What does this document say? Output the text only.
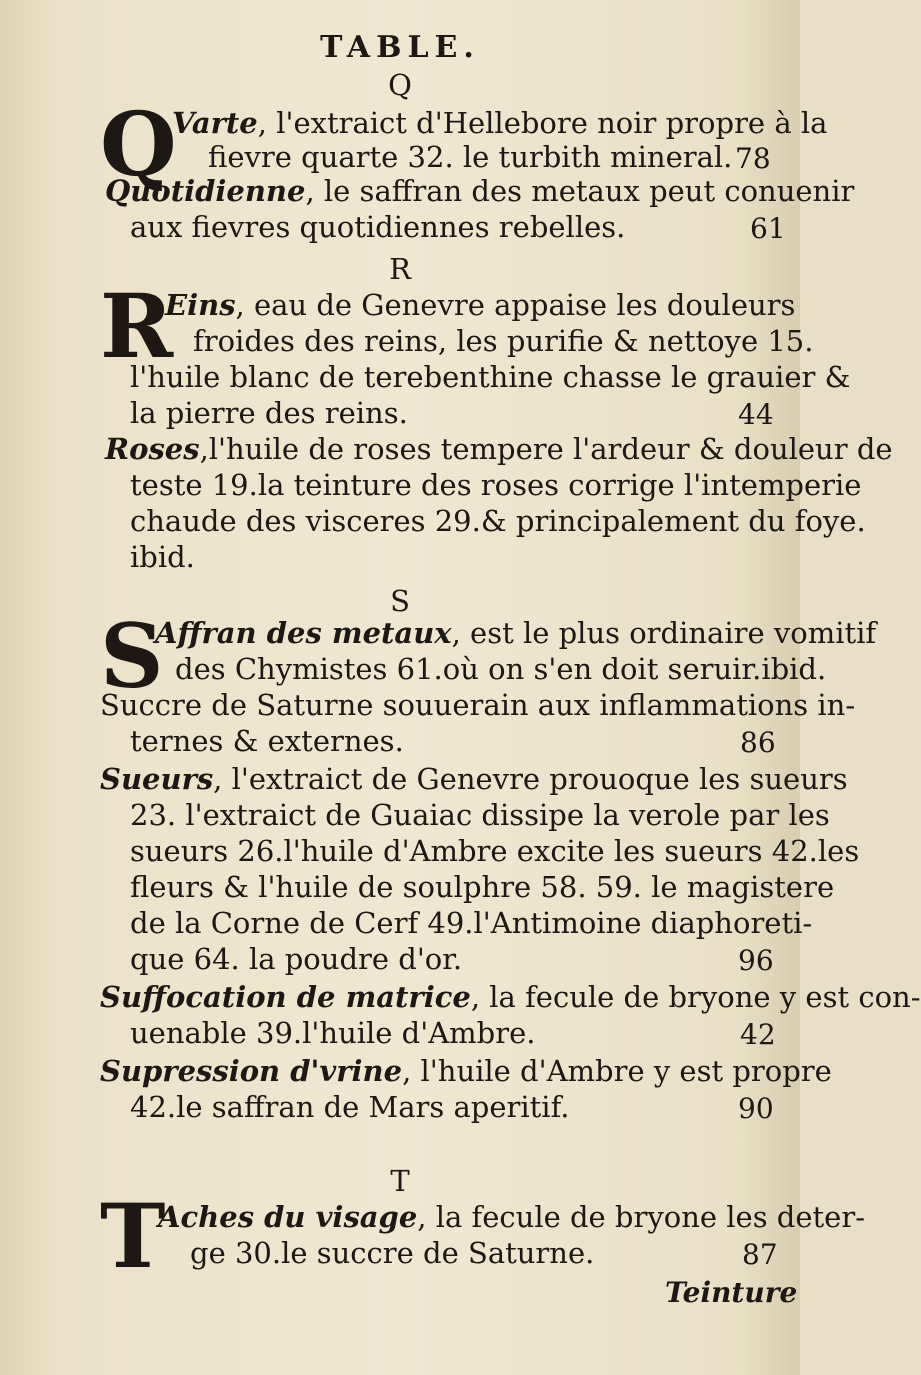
TABLE.
Q
Q
Varte, l'extraict d'Hellebore noir propre à la
fievre quarte 32. le turbith mineral. 78
Quotidienne, le saffran des metaux peut conuenir
aux fievres quotidiennes rebelles.	61
R
R
Eins, eau de Genevre appaise les douleurs
froides des reins, les purifie & nettoye 15.
l'huile blanc de terebenthine chasse le grauier &
la pierre des reins.	44
Roses,l'huile de roses tempere l'ardeur & douleur de
teste 19.la teinture des roses corrige l'intemperie
chaude des visceres 29.& principalement du foye.
ibid.
S
S
Affran des metaux, est le plus ordinaire vomitif
des Chymistes 61.où on s'en doit seruir.ibid.
Succre de Saturne souuerain aux inflammations in-
ternes & externes.	86
Sueurs, l'extraict de Genevre prouoque les sueurs
23. l'extraict de Guaiac dissipe la verole par les
sueurs 26.l'huile d'Ambre excite les sueurs 42.les
fleurs & l'huile de soulphre 58. 59. le magistere
de la Corne de Cerf 49.l'Antimoine diaphoreti-
que 64. la poudre d'or.	96
Suffocation de matrice, la fecule de bryone y est con-
uenable 39.l'huile d'Ambre.	42
Supression d'vrine, l'huile d'Ambre y est propre
42.le saffran de Mars aperitif.	90
T
T
Aches du visage, la fecule de bryone les deter-
ge 30.le succre de Saturne.	87
Teinture
